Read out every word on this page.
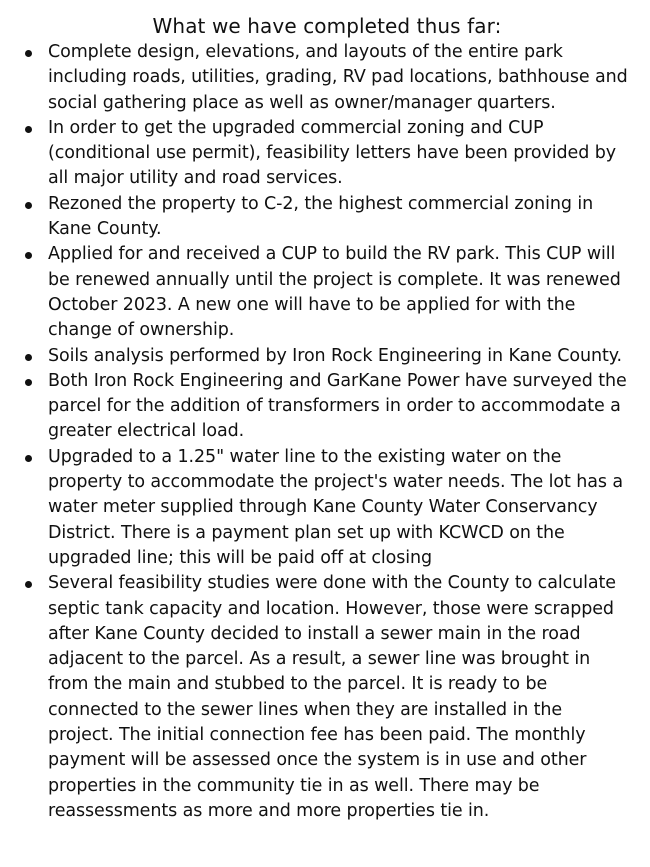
What we have completed thus far:
Complete design, elevations, and layouts of the entire park including roads, utilities, grading, RV pad locations, bathhouse and social gathering place as well as owner/manager quarters.
In order to get the upgraded commercial zoning and CUP (conditional use permit), feasibility letters have been provided by all major utility and road services.
Rezoned the property to C-2, the highest commercial zoning in Kane County.
Applied for and received a CUP to build the RV park. This CUP will be renewed annually until the project is complete. It was renewed October 2023. A new one will have to be applied for with the change of ownership.
Soils analysis performed by Iron Rock Engineering in Kane County.
Both Iron Rock Engineering and GarKane Power have surveyed the parcel for the addition of transformers in order to accommodate a greater electrical load.
Upgraded to a 1.25" water line to the existing water on the property to accommodate the project's water needs. The lot has a water meter supplied through Kane County Water Conservancy District. There is a payment plan set up with KCWCD on the upgraded line; this will be paid off at closing
Several feasibility studies were done with the County to calculate septic tank capacity and location. However, those were scrapped after Kane County decided to install a sewer main in the road adjacent to the parcel. As a result, a sewer line was brought in from the main and stubbed to the parcel. It is ready to be connected to the sewer lines when they are installed in the project. The initial connection fee has been paid. The monthly payment will be assessed once the system is in use and other properties in the community tie in as well. There may be reassessments as more and more properties tie in.
